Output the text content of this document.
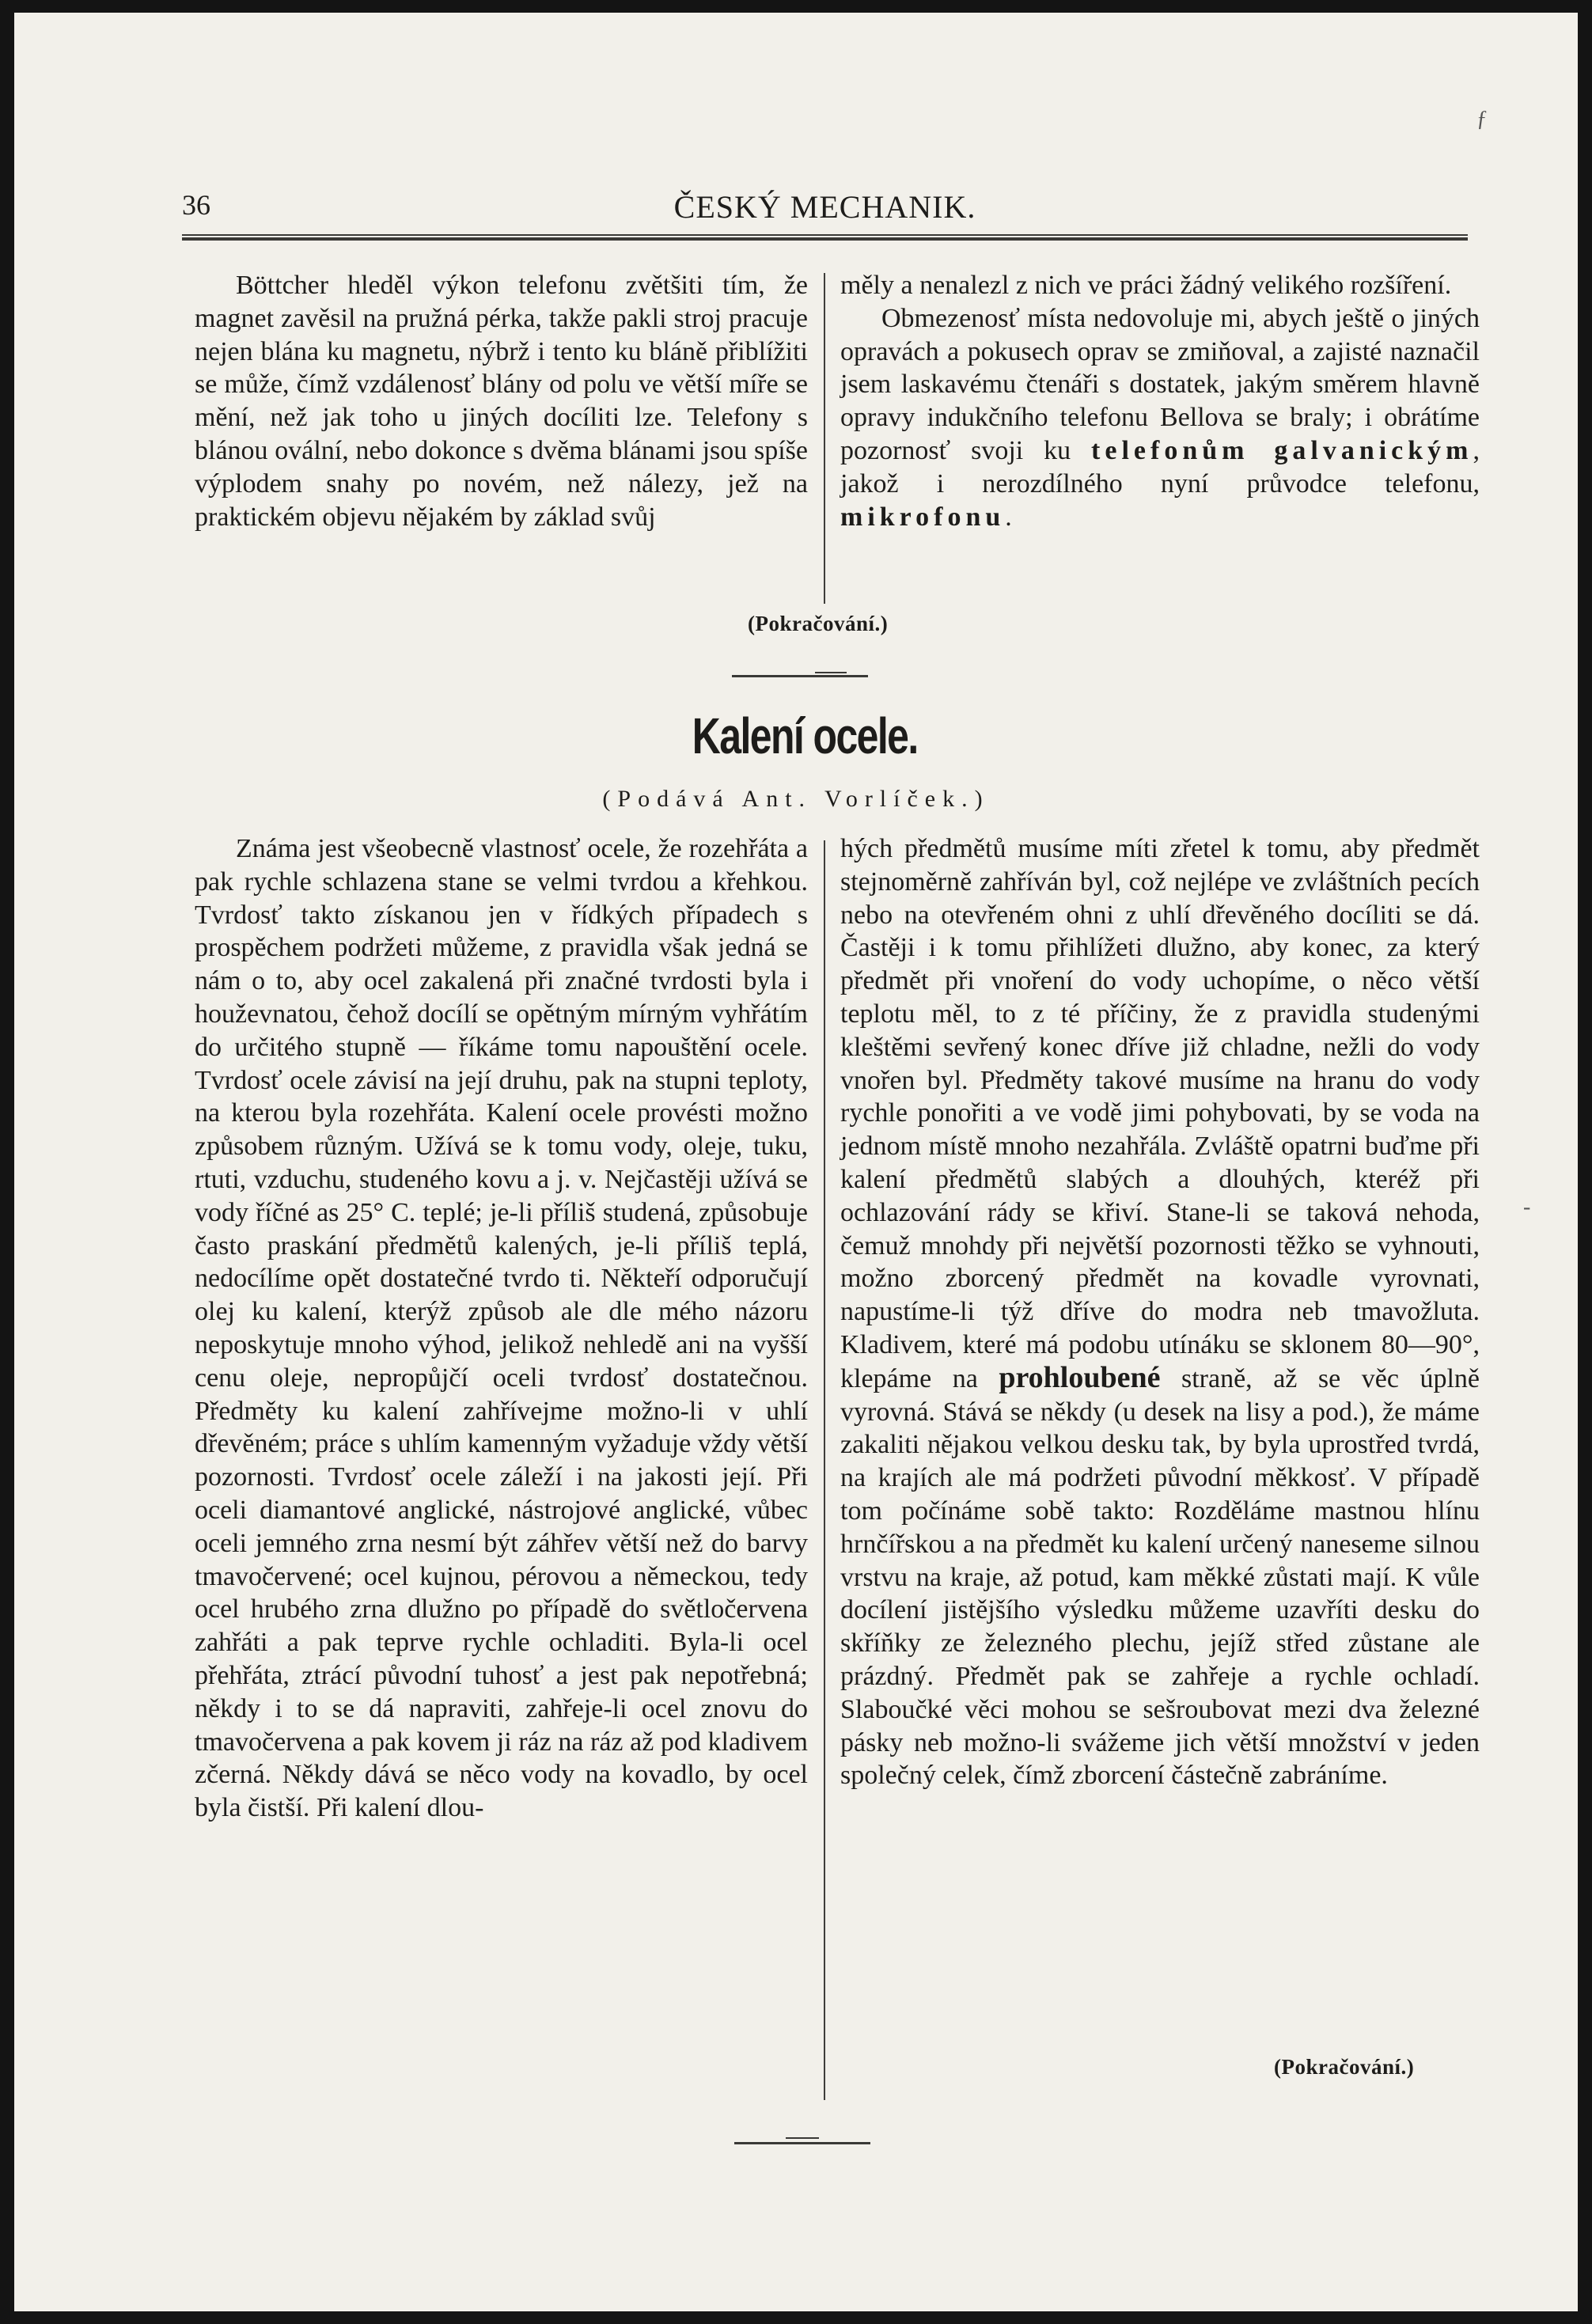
36	ČESKÝ MECHANIK.
ƒ

Böttcher hleděl výkon telefonu zvětšiti tím, že magnet zavěsil na pružná pérka, takže pakli stroj pracuje nejen blána ku magnetu, nýbrž i tento ku bláně přiblížiti se může, čímž vzdálenosť blány od polu ve větší míře se mění, než jak toho u jiných docíliti lze. Telefony s blánou ovální, nebo dokonce s dvěma blánami jsou spíše výplodem snahy po novém, než nálezy, jež na praktickém objevu nějakém by základ svůj

měly a nenalezl z nich ve práci žádný velikého rozšíření.

Obmezenosť místa nedovoluje mi, abych ještě o jiných opravách a pokusech oprav se zmiňoval, a zajisté naznačil jsem laskavému čtenáři s dostatek, jakým směrem hlavně opravy indukčního telefonu Bellova se braly; i obrátíme pozornosť svoji ku telefonům galvanickým, jakož i nerozdílného nyní průvodce telefonu, mikrofonu.

(Pokračování.)
Kalení ocele.
(Podává Ant. Vorlíček.)

Známa jest všeobecně vlastnosť ocele, že rozehřáta a pak rychle schlazena stane se velmi tvrdou a křehkou. Tvrdosť takto získanou jen v řídkých případech s prospěchem podržeti můžeme, z pravidla však jedná se nám o to, aby ocel zakalená při značné tvrdosti byla i houževnatou, čehož docílí se opětným mírným vyhřátím do určitého stupně — říkáme tomu napouštění ocele. Tvrdosť ocele závisí na její druhu, pak na stupni teploty, na kterou byla rozehřáta. Kalení ocele provésti možno způsobem různým. Užívá se k tomu vody, oleje, tuku, rtuti, vzduchu, studeného kovu a j. v. Nejčastěji užívá se vody říčné as 25° C. teplé; je-li příliš studená, způsobuje často praskání předmětů kalených, je-li příliš teplá, nedocílíme opět dostatečné tvrdo ti. Někteří odporučují olej ku kalení, kterýž způsob ale dle mého názoru neposkytuje mnoho výhod, jelikož nehledě ani na vyšší cenu oleje, nepropůjčí oceli tvrdosť dostatečnou. Předměty ku kalení zahřívejme možno-li v uhlí dřevěném; práce s uhlím kamenným vyžaduje vždy větší pozornosti. Tvrdosť ocele záleží i na jakosti její. Při oceli diamantové anglické, nástrojové anglické, vůbec oceli jemného zrna nesmí být záhřev větší než do barvy tmavočervené; ocel kujnou, pérovou a německou, tedy ocel hrubého zrna dlužno po případě do světločervena zahřáti a pak teprve rychle ochladiti. Byla-li ocel přehřáta, ztrácí původní tuhosť a jest pak nepotřebná; někdy i to se dá napraviti, zahřeje-li ocel znovu do tmavočervena a pak kovem ji ráz na ráz až pod kladivem zčerná. Někdy dává se něco vody na kovadlo, by ocel byla čistší. Při kalení dlou-

hých předmětů musíme míti zřetel k tomu, aby předmět stejnoměrně zahříván byl, což nejlépe ve zvláštních pecích nebo na otevřeném ohni z uhlí dřevěného docíliti se dá. Častěji i k tomu přihlížeti dlužno, aby konec, za který předmět při vnoření do vody uchopíme, o něco větší teplotu měl, to z té příčiny, že z pravidla studenými kleštěmi sevřený konec dříve již chladne, nežli do vody vnořen byl. Předměty takové musíme na hranu do vody rychle ponořiti a ve vodě jimi pohybovati, by se voda na jednom místě mnoho nezahřála. Zvláště opatrni buďme při kalení předmětů slabých a dlouhých, kteréž při ochlazování rády se křiví. Stane-li se taková nehoda, čemuž mnohdy při největší pozornosti těžko se vyhnouti, možno zborcený předmět na kovadle vyrovnati, napustíme-li týž dříve do modra neb tmavožluta. Kladivem, které má podobu utínáku se sklonem 80—90°, klepáme na prohloubené straně, až se věc úplně vyrovná. Stává se někdy (u desek na lisy a pod.), že máme zakaliti nějakou velkou desku tak, by byla uprostřed tvrdá, na krajích ale má podržeti původní měkkosť. V případě tom počínáme sobě takto: Rozděláme mastnou hlínu hrnčířskou a na předmět ku kalení určený naneseme silnou vrstvu na kraje, až potud, kam měkké zůstati mají. K vůle docílení jistějšího výsledku můžeme uzavříti desku do skříňky ze železného plechu, jejíž střed zůstane ale prázdný. Předmět pak se zahřeje a rychle ochladí. Slaboučké věci mohou se sešroubovat mezi dva železné pásky neb možno-li svážeme jich větší množství v jeden společný celek, čímž zborcení částečně zabráníme.

(Pokračování.)
-
